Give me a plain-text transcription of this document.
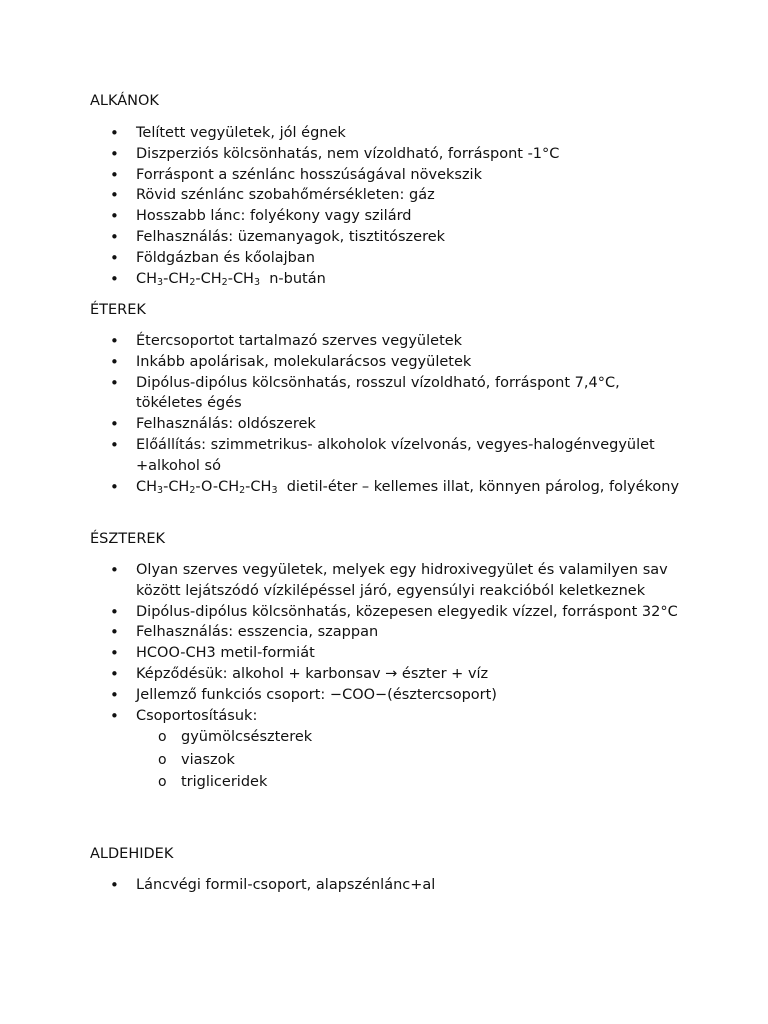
ALKÁNOK
• Telített vegyületek, jól égnek
• Diszperziós kölcsönhatás, nem vízoldható, forráspont -1°C
• Forráspont a szénlánc hosszúságával növekszik
• Rövid szénlánc szobahőmérsékleten: gáz
• Hosszabb lánc: folyékony vagy szilárd
• Felhasználás: üzemanyagok, tisztitószerek
• Földgázban és kőolajban
• $CH_3-CH_2-CH_2-CH_3$ n-bután
ÉTEREK
• Étercsoportot tartalmazó szerves vegyületek
• Inkább apolárisak, molekularácsos vegyületek
• Dipólus-dipólus kölcsönhatás, rosszul vízoldható, forráspont 7,4°C, tökéletes égés
• Felhasználás: oldószerek
• Előállítás: szimmetrikus- alkoholok vízelvonás, vegyes-halogénvegyület +alkohol só
• $CH_3-CH_2-O-CH_2-CH_3$ dietil-éter – kellemes illat, könnyen párolog, folyékony
ÉSZTEREK
• Olyan szerves vegyületek, melyek egy hidroxivegyület és valamilyen sav között lejátszódó vízkilépéssel járó, egyensúlyi reakcióból keletkeznek
• Dipólus-dipólus kölcsönhatás, közepesen elegyedik vízzel, forráspont 32°C
• Felhasználás: esszencia, szappan
• HCOO-CH3 metil-formiát
• Képződésük: alkohol + karbonsav → észter + víz
• Jellemző funkciós csoport: −COO−(észtercsoport)
• Csoportosításuk:
o gyümölcsészterek
o viaszok
o trigliceridek
ALDEHIDEK
• Láncvégi formil-csoport, alapszénlánc+al
